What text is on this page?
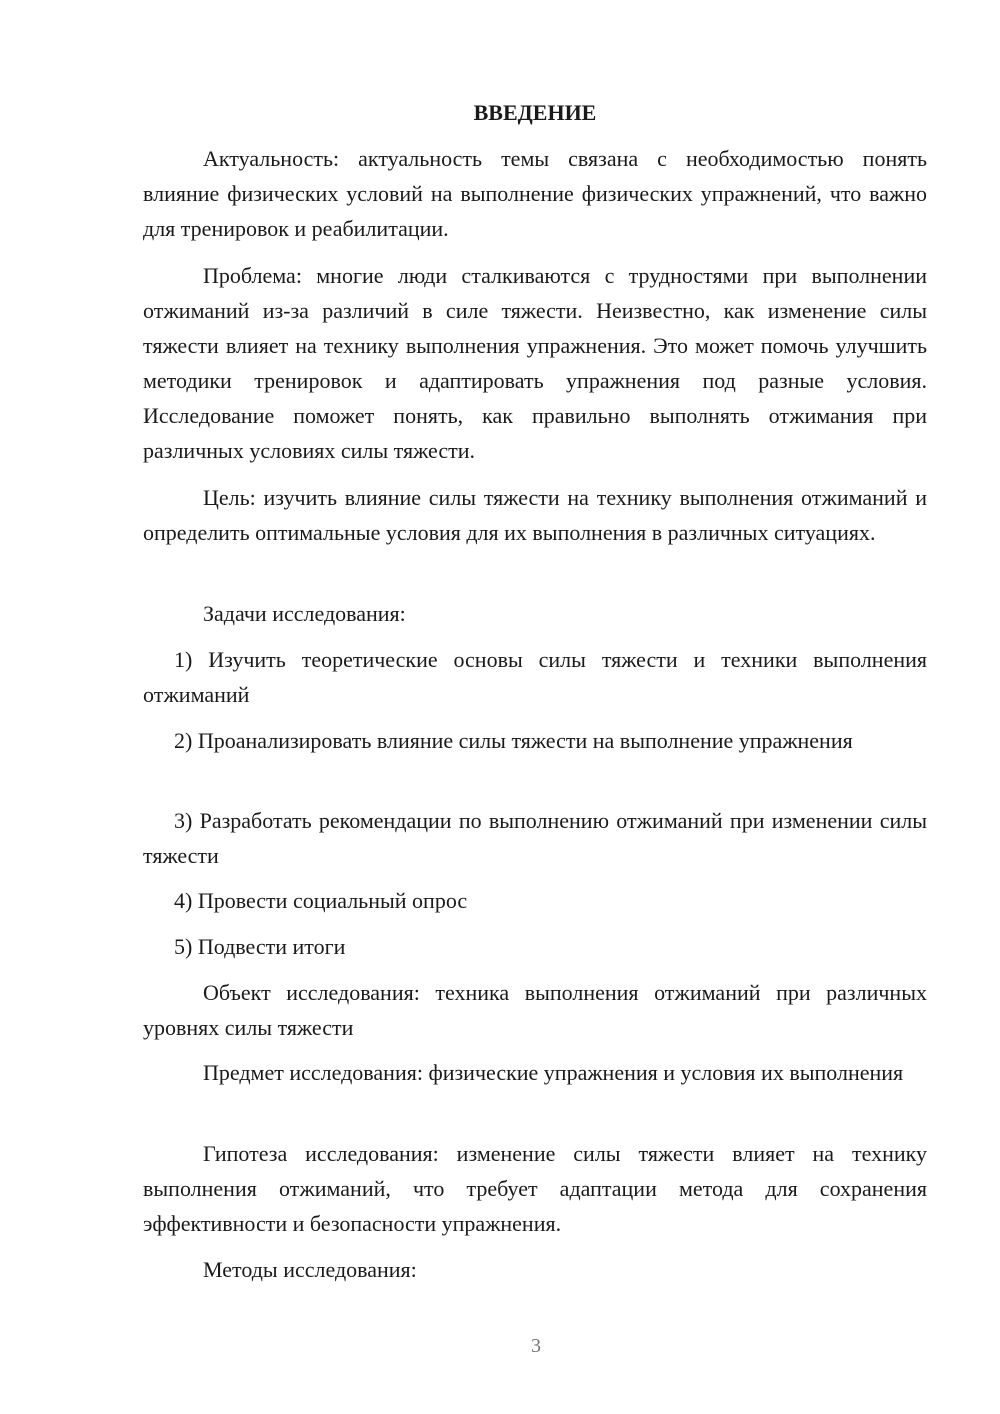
ВВЕДЕНИЕ
Актуальность: актуальность темы связана с необходимостью понять влияние физических условий на выполнение физических упражнений, что важно для тренировок и реабилитации.
Проблема: многие люди сталкиваются с трудностями при выполнении отжиманий из-за различий в силе тяжести. Неизвестно, как изменение силы тяжести влияет на технику выполнения упражнения. Это может помочь улучшить методики тренировок и адаптировать упражнения под разные условия. Исследование поможет понять, как правильно выполнять отжимания при различных условиях силы тяжести.
Цель: изучить влияние силы тяжести на технику выполнения отжиманий и определить оптимальные условия для их выполнения в различных ситуациях.
Задачи исследования:
1) Изучить теоретические основы силы тяжести и техники выполнения отжиманий
2) Проанализировать влияние силы тяжести на выполнение упражнения
3) Разработать рекомендации по выполнению отжиманий при изменении силы тяжести
4) Провести социальный опрос
5) Подвести итоги
Объект исследования: техника выполнения отжиманий при различных уровнях силы тяжести
Предмет исследования: физические упражнения и условия их выполнения
Гипотеза исследования: изменение силы тяжести влияет на технику выполнения отжиманий, что требует адаптации метода для сохранения эффективности и безопасности упражнения.
Методы исследования:
3
